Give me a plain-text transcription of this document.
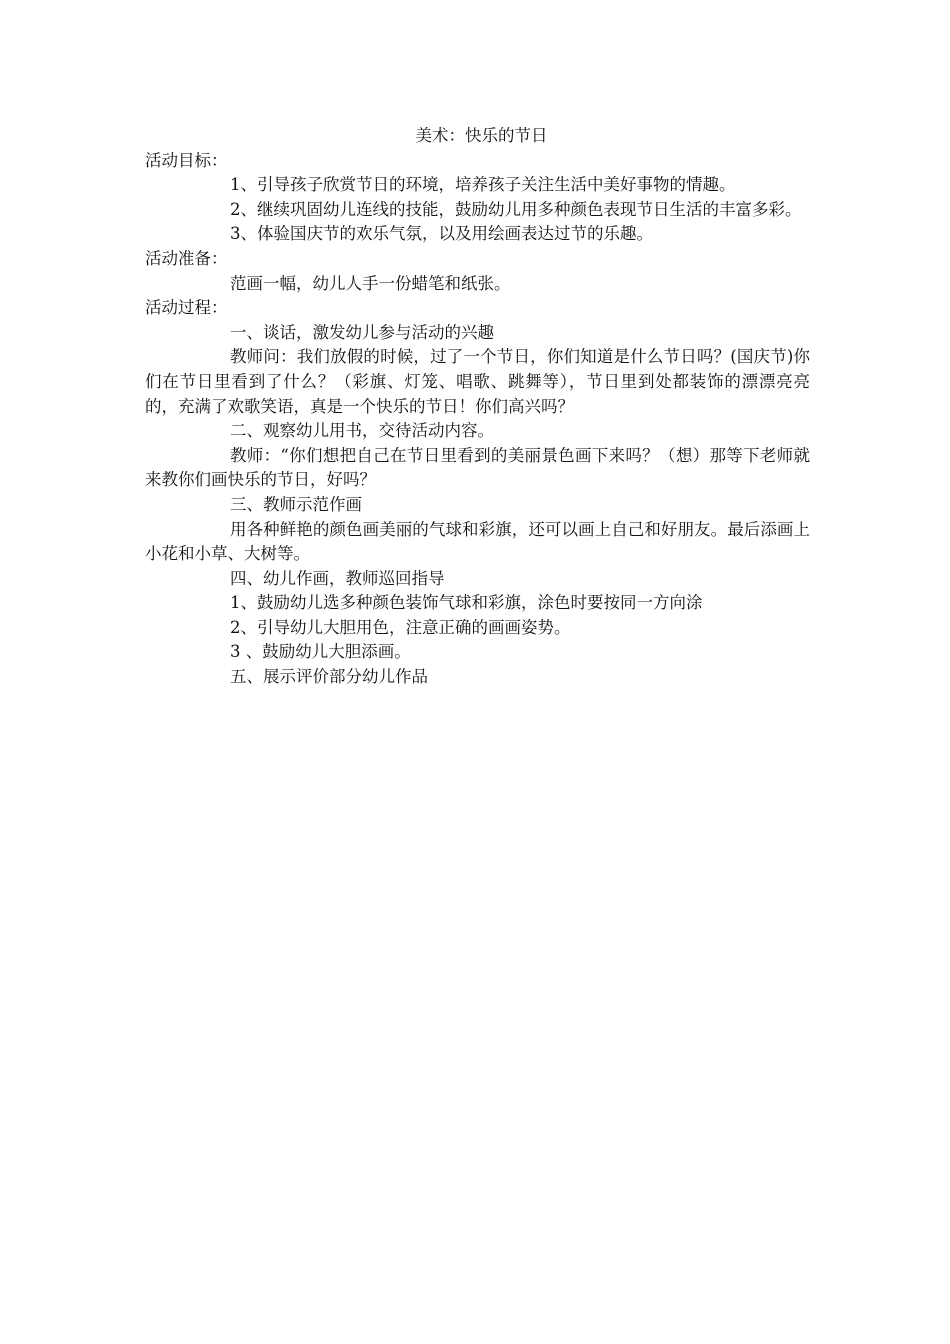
美术：快乐的节日

活动目标：

1、引导孩子欣赏节日的环境，培养孩子关注生活中美好事物的情趣。

2、继续巩固幼儿连线的技能，鼓励幼儿用多种颜色表现节日生活的丰富多彩。

3、体验国庆节的欢乐气氛，以及用绘画表达过节的乐趣。

活动准备：

范画一幅，幼儿人手一份蜡笔和纸张。

活动过程：

一、谈话，激发幼儿参与活动的兴趣

教师问：我们放假的时候，过了一个节日，你们知道是什么节日吗？(国庆节)你们在节日里看到了什么？（彩旗、灯笼、唱歌、跳舞等），节日里到处都装饰的漂漂亮亮的，充满了欢歌笑语，真是一个快乐的节日！你们高兴吗？

二、观察幼儿用书，交待活动内容。

教师：“你们想把自己在节日里看到的美丽景色画下来吗？（想）那等下老师就来教你们画快乐的节日，好吗？

三、教师示范作画

用各种鲜艳的颜色画美丽的气球和彩旗，还可以画上自己和好朋友。最后添画上小花和小草、大树等。

四、幼儿作画，教师巡回指导

1、鼓励幼儿选多种颜色装饰气球和彩旗，涂色时要按同一方向涂

2、引导幼儿大胆用色，注意正确的画画姿势。

3 、鼓励幼儿大胆添画。

五、展示评价部分幼儿作品
